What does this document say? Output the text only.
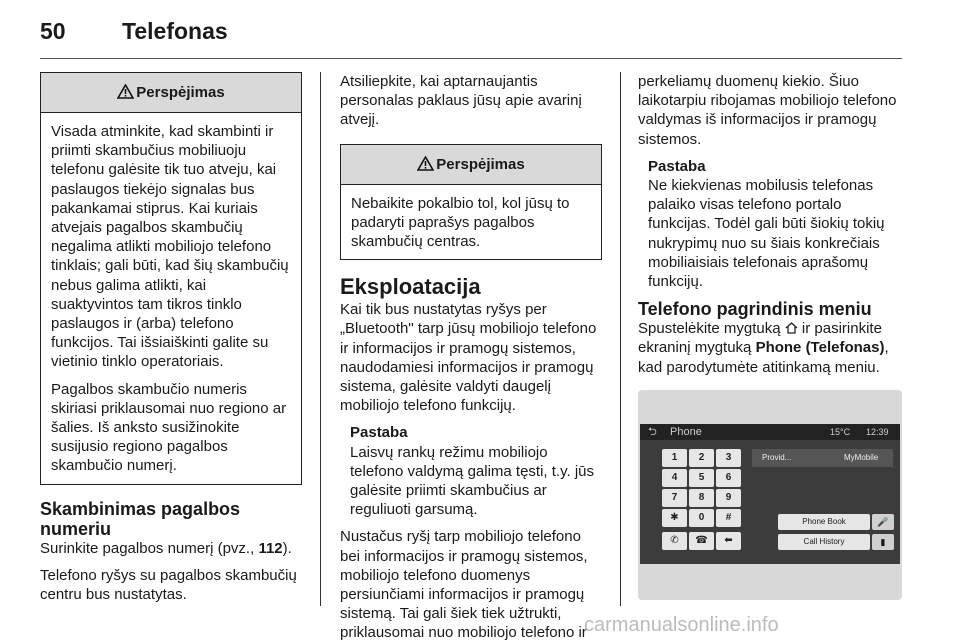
50 Telefonas
Perspėjimas

Visada atminkite, kad skambinti ir priimti skambučius mobiliuoju telefonu galėsite tik tuo atveju, kai paslaugos tiekėjo signalas bus pakankamai stiprus. Kai kuriais atvejais pagalbos skambučių negalima atlikti mobiliojo telefono tinklais; gali būti, kad šių skambučių nebus galima atlikti, kai suaktyvintos tam tikros tinklo paslaugos ir (arba) telefono funkcijos. Tai išsiaiškinti galite su vietinio tinklo operatoriais.

Pagalbos skambučio numeris skiriasi priklausomai nuo regiono ar šalies. Iš anksto susižinokite susijusio regiono pagalbos skambučio numerį.

Skambinimas pagalbos numeriu

Surinkite pagalbos numerį (pvz., 112).

Telefono ryšys su pagalbos skambučių centru bus nustatytas.

Atsiliepkite, kai aptarnaujantis personalas paklaus jūsų apie avarinį atvejį.

Perspėjimas

Nebaikite pokalbio tol, kol jūsų to padaryti paprašys pagalbos skambučių centras.

Eksploatacija

Kai tik bus nustatytas ryšys per „Bluetooth" tarp jūsų mobiliojo telefono ir informacijos ir pramogų sistemos, naudodamiesi informacijos ir pramogų sistema, galėsite valdyti daugelį mobiliojo telefono funkcijų.

Pastaba
Laisvų rankų režimu mobiliojo telefono valdymą galima tęsti, t.y. jūs galėsite priimti skambučius ar reguliuoti garsumą.

Nustačus ryšį tarp mobiliojo telefono bei informacijos ir pramogų sistemos, mobiliojo telefono duomenys persiunčiami informacijos ir pramogų sistemą. Tai gali šiek tiek užtrukti, priklausomai nuo mobiliojo telefono ir

perkeliamų duomenų kiekio. Šiuo laikotarpiu ribojamas mobiliojo telefono valdymas iš informacijos ir pramogų sistemos.

Pastaba
Ne kiekvienas mobilusis telefonas palaiko visas telefono portalo funkcijas. Todėl gali būti šiokių tokių nukrypimų nuo su šiais konkrečiais mobiliaisiais telefonais aprašomų funkcijų.
Telefono pagrindinis meniu

Spustelėkite mygtuką ir pasirinkite ekraninį mygtuką Phone (Telefonas), kad parodytumėte atitinkamą meniu.

⮌ Phone	15°C 12:39
1	2	3
4	5	6
7	8	9
✱	0	#
✆	☎	⬅
Provid...	MyMobile
Phone Book	🎤
Call History	▮
carmanualsonline.info
